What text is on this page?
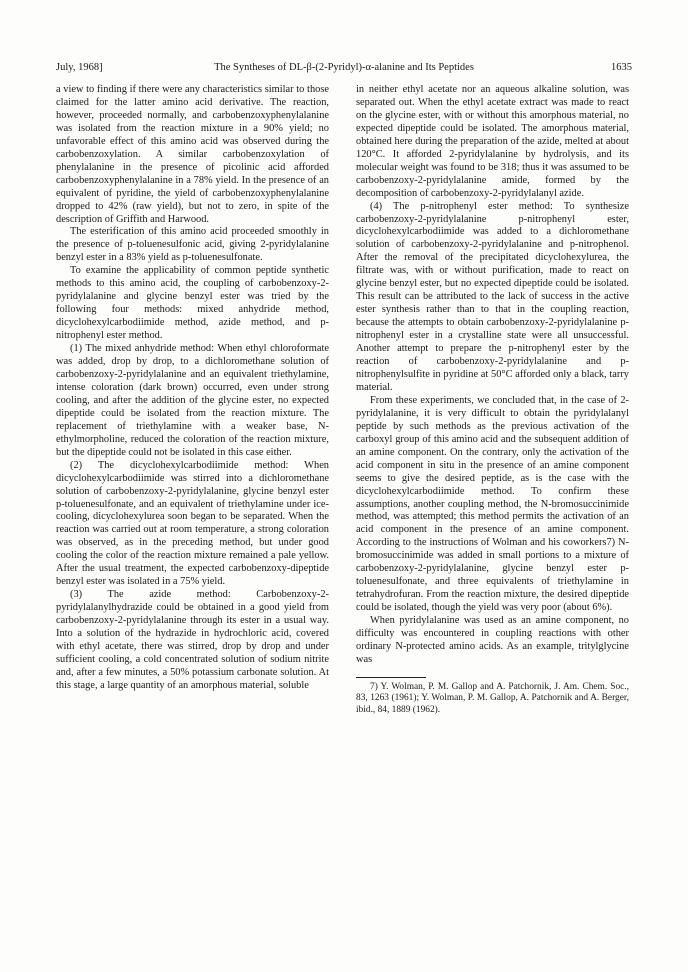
July, 1968]	The Syntheses of DL-β-(2-Pyridyl)-α-alanine and Its Peptides	1635

a view to finding if there were any characteristics similar to those claimed for the latter amino acid derivative. The reaction, however, proceeded normally, and carbobenzoxyphenylalanine was isolated from the reaction mixture in a 90% yield; no unfavorable effect of this amino acid was observed during the carbobenzoxylation. A similar carbobenzoxylation of phenylalanine in the presence of picolinic acid afforded carbobenzoxyphenylalanine in a 78% yield. In the presence of an equivalent of pyridine, the yield of carbobenzoxyphenylalanine dropped to 42% (raw yield), but not to zero, in spite of the description of Griffith and Harwood.

The esterification of this amino acid proceeded smoothly in the presence of p-toluenesulfonic acid, giving 2-pyridylalanine benzyl ester in a 83% yield as p-toluenesulfonate.

To examine the applicability of common peptide synthetic methods to this amino acid, the coupling of carbobenzoxy-2-pyridylalanine and glycine benzyl ester was tried by the following four methods: mixed anhydride method, dicyclohexylcarbodiimide method, azide method, and p-nitrophenyl ester method.

(1) The mixed anhydride method: When ethyl chloroformate was added, drop by drop, to a dichloromethane solution of carbobenzoxy-2-pyridylalanine and an equivalent triethylamine, intense coloration (dark brown) occurred, even under strong cooling, and after the addition of the glycine ester, no expected dipeptide could be isolated from the reaction mixture. The replacement of triethylamine with a weaker base, N-ethylmorpholine, reduced the coloration of the reaction mixture, but the dipeptide could not be isolated in this case either.

(2) The dicyclohexylcarbodiimide method: When dicyclohexylcarbodiimide was stirred into a dichloromethane solution of carbobenzoxy-2-pyridylalanine, glycine benzyl ester p-toluenesulfonate, and an equivalent of triethylamine under ice-cooling, dicyclohexylurea soon began to be separated. When the reaction was carried out at room temperature, a strong coloration was observed, as in the preceding method, but under good cooling the color of the reaction mixture remained a pale yellow. After the usual treatment, the expected carbobenzoxy-dipeptide benzyl ester was isolated in a 75% yield.

(3) The azide method: Carbobenzoxy-2-pyridylalanylhydrazide could be obtained in a good yield from carbobenzoxy-2-pyridylalanine through its ester in a usual way. Into a solution of the hydrazide in hydrochloric acid, covered with ethyl acetate, there was stirred, drop by drop and under sufficient cooling, a cold concentrated solution of sodium nitrite and, after a few minutes, a 50% potassium carbonate solution. At this stage, a large quantity of an amorphous material, soluble

in neither ethyl acetate nor an aqueous alkaline solution, was separated out. When the ethyl acetate extract was made to react on the glycine ester, with or without this amorphous material, no expected dipeptide could be isolated. The amorphous material, obtained here during the preparation of the azide, melted at about 120°C. It afforded 2-pyridylalanine by hydrolysis, and its molecular weight was found to be 318; thus it was assumed to be carbobenzoxy-2-pyridylalanine amide, formed by the decomposition of carbobenzoxy-2-pyridylalanyl azide.

(4) The p-nitrophenyl ester method: To synthesize carbobenzoxy-2-pyridylalanine p-nitrophenyl ester, dicyclohexylcarbodiimide was added to a dichloromethane solution of carbobenzoxy-2-pyridylalanine and p-nitrophenol. After the removal of the precipitated dicyclohexylurea, the filtrate was, with or without purification, made to react on glycine benzyl ester, but no expected dipeptide could be isolated. This result can be attributed to the lack of success in the active ester synthesis rather than to that in the coupling reaction, because the attempts to obtain carbobenzoxy-2-pyridylalanine p-nitrophenyl ester in a crystalline state were all unsuccessful. Another attempt to prepare the p-nitrophenyl ester by the reaction of carbobenzoxy-2-pyridylalanine and p-nitrophenylsulfite in pyridine at 50°C afforded only a black, tarry material.

From these experiments, we concluded that, in the case of 2-pyridylalanine, it is very difficult to obtain the pyridylalanyl peptide by such methods as the previous activation of the carboxyl group of this amino acid and the subsequent addition of an amine component. On the contrary, only the activation of the acid component in situ in the presence of an amine component seems to give the desired peptide, as is the case with the dicyclohexylcarbodiimide method. To confirm these assumptions, another coupling method, the N-bromosuccinimide method, was attempted; this method permits the activation of an acid component in the presence of an amine component. According to the instructions of Wolman and his coworkers7) N-bromosuccinimide was added in small portions to a mixture of carbobenzoxy-2-pyridylalanine, glycine benzyl ester p-toluenesulfonate, and three equivalents of triethylamine in tetrahydrofuran. From the reaction mixture, the desired dipeptide could be isolated, though the yield was very poor (about 6%).

When pyridylalanine was used as an amine component, no difficulty was encountered in coupling reactions with other ordinary N-protected amino acids. As an example, tritylglycine was

7) Y. Wolman, P. M. Gallop and A. Patchornik, J. Am. Chem. Soc., 83, 1263 (1961); Y. Wolman, P. M. Gallop, A. Patchornik and A. Berger, ibid., 84, 1889 (1962).
